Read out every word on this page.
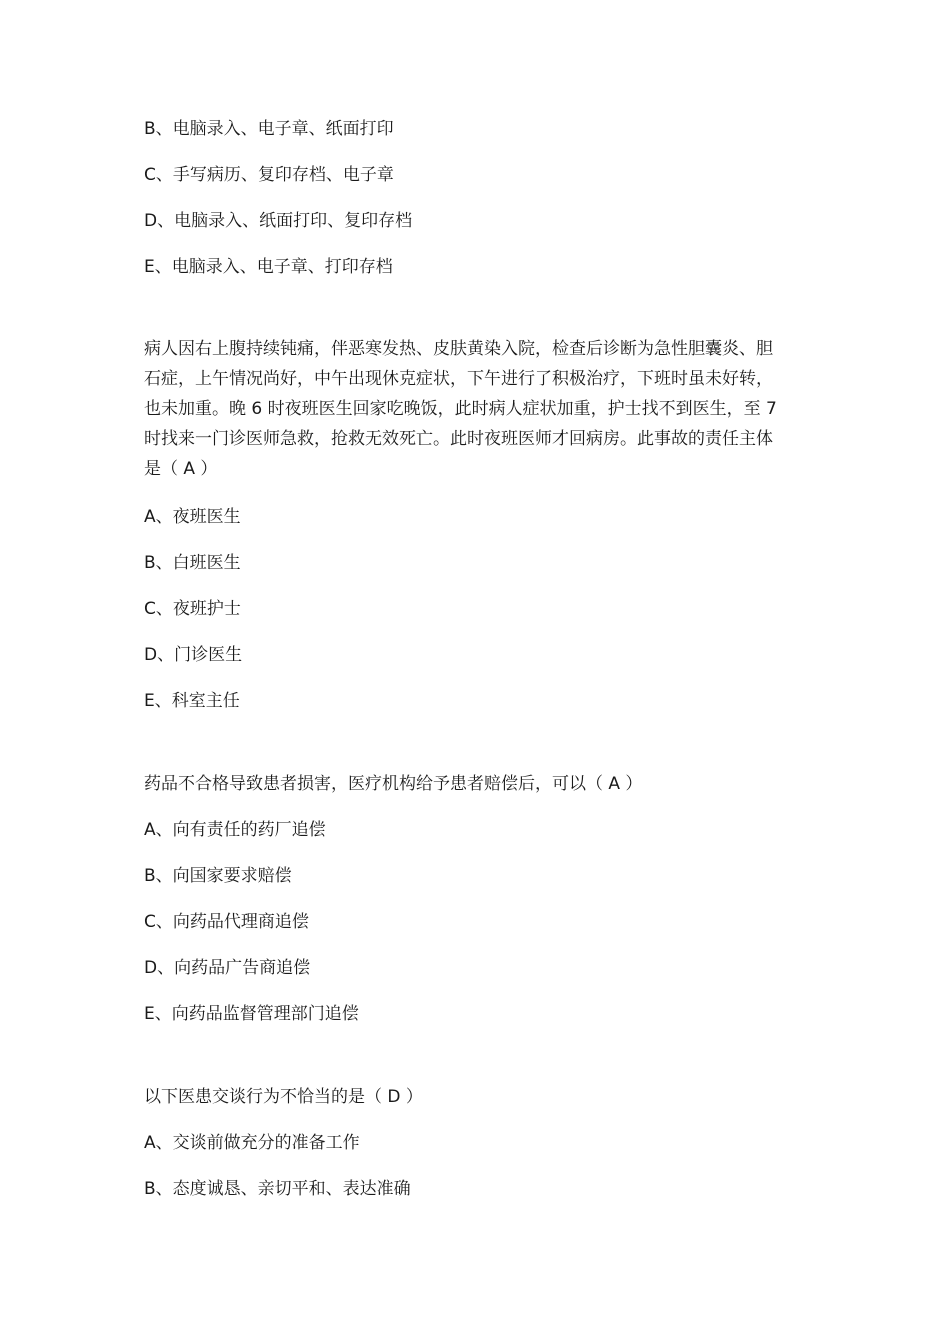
B、电脑录入、电子章、纸面打印
C、手写病历、复印存档、电子章
D、电脑录入、纸面打印、复印存档
E、电脑录入、电子章、打印存档
病人因右上腹持续钝痛，伴恶寒发热、皮肤黄染入院，检查后诊断为急性胆囊炎、胆
石症，上午情况尚好，中午出现休克症状，下午进行了积极治疗，下班时虽未好转，
也未加重。晚 6 时夜班医生回家吃晚饭，此时病人症状加重，护士找不到医生，至 7
时找来一门诊医师急救，抢救无效死亡。此时夜班医师才回病房。此事故的责任主体
是（ A ）
A、夜班医生
B、白班医生
C、夜班护士
D、门诊医生
E、科室主任
药品不合格导致患者损害，医疗机构给予患者赔偿后，可以（ A ）
A、向有责任的药厂追偿
B、向国家要求赔偿
C、向药品代理商追偿
D、向药品广告商追偿
E、向药品监督管理部门追偿
以下医患交谈行为不恰当的是（ D ）
A、交谈前做充分的准备工作
B、态度诚恳、亲切平和、表达准确
